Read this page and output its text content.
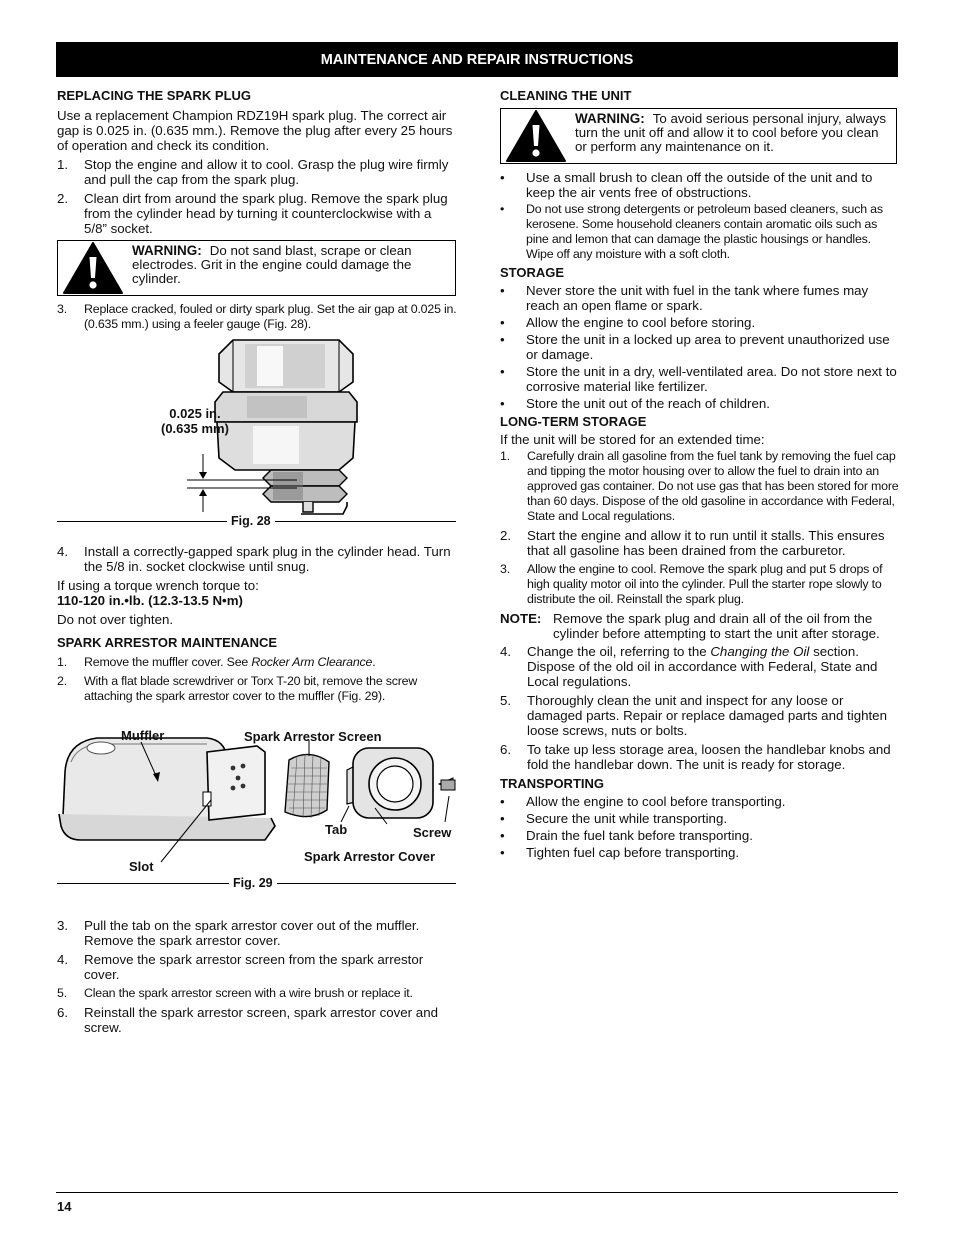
MAINTENANCE AND REPAIR INSTRUCTIONS
REPLACING THE SPARK PLUG

Use a replacement Champion RDZ19H spark plug. The correct air gap is 0.025 in. (0.635 mm.). Remove the plug after every 25 hours of operation and check its condition.

1.	Stop the engine and allow it to cool. Grasp the plug wire firmly and pull the cap from the spark plug.
2.	Clean dirt from around the spark plug. Remove the spark plug from the cylinder head by turning it counterclockwise with a 5/8” socket.
WARNING: Do not sand blast, scrape or clean electrodes. Grit in the engine could damage the cylinder.
3.	Replace cracked, fouled or dirty spark plug. Set the air gap at 0.025 in. (0.635 mm.) using a feeler gauge (Fig. 28).
0.025 in.
(0.635 mm)
Fig. 28
4.	Install a correctly-gapped spark plug in the cylinder head. Turn the 5/8 in. socket clockwise until snug.

If using a torque wrench torque to:

110-120 in.•lb. (12.3-13.5 N•m)

Do not over tighten.

SPARK ARRESTOR MAINTENANCE
1.	Remove the muffler cover. See Rocker Arm Clearance.
2.	With a flat blade screwdriver or Torx T-20 bit, remove the screw attaching the spark arrestor cover to the muffler (Fig. 29).
Muffler	Spark Arrestor Screen
Tab	Screw
Spark Arrestor Cover
Slot
Fig. 29
3.	Pull the tab on the spark arrestor cover out of the muffler. Remove the spark arrestor cover.
4.	Remove the spark arrestor screen from the spark arrestor cover.
5.	Clean the spark arrestor screen with a wire brush or replace it.
6.	Reinstall the spark arrestor screen, spark arrestor cover and screw.
CLEANING THE UNIT
WARNING: To avoid serious personal injury, always turn the unit off and allow it to cool before you clean or perform any maintenance on it.
•	Use a small brush to clean off the outside of the unit and to keep the air vents free of obstructions.
•	Do not use strong detergents or petroleum based cleaners, such as kerosene. Some household cleaners contain aromatic oils such as pine and lemon that can damage the plastic housings or handles. Wipe off any moisture with a soft cloth.
STORAGE
•	Never store the unit with fuel in the tank where fumes may reach an open flame or spark.
•	Allow the engine to cool before storing.
•	Store the unit in a locked up area to prevent unauthorized use or damage.
•	Store the unit in a dry, well-ventilated area. Do not store next to corrosive material like fertilizer.
•	Store the unit out of the reach of children.
LONG-TERM STORAGE

If the unit will be stored for an extended time:

1.	Carefully drain all gasoline from the fuel tank by removing the fuel cap and tipping the motor housing over to allow the fuel to drain into an approved gas container. Do not use gas that has been stored for more than 60 days. Dispose of the old gasoline in accordance with Federal, State and Local regulations.
2.	Start the engine and allow it to run until it stalls. This ensures that all gasoline has been drained from the carburetor.
3.	Allow the engine to cool. Remove the spark plug and put 5 drops of high quality motor oil into the cylinder. Pull the starter rope slowly to distribute the oil. Reinstall the spark plug.
NOTE: Remove the spark plug and drain all of the oil from the cylinder before attempting to start the unit after storage.
4.	Change the oil, referring to the Changing the Oil section. Dispose of the old oil in accordance with Federal, State and Local regulations.
5.	Thoroughly clean the unit and inspect for any loose or damaged parts. Repair or replace damaged parts and tighten loose screws, nuts or bolts.
6.	To take up less storage area, loosen the handlebar knobs and fold the handlebar down. The unit is ready for storage.
TRANSPORTING
•	Allow the engine to cool before transporting.
•	Secure the unit while transporting.
•	Drain the fuel tank before transporting.
•	Tighten fuel cap before transporting.
14
